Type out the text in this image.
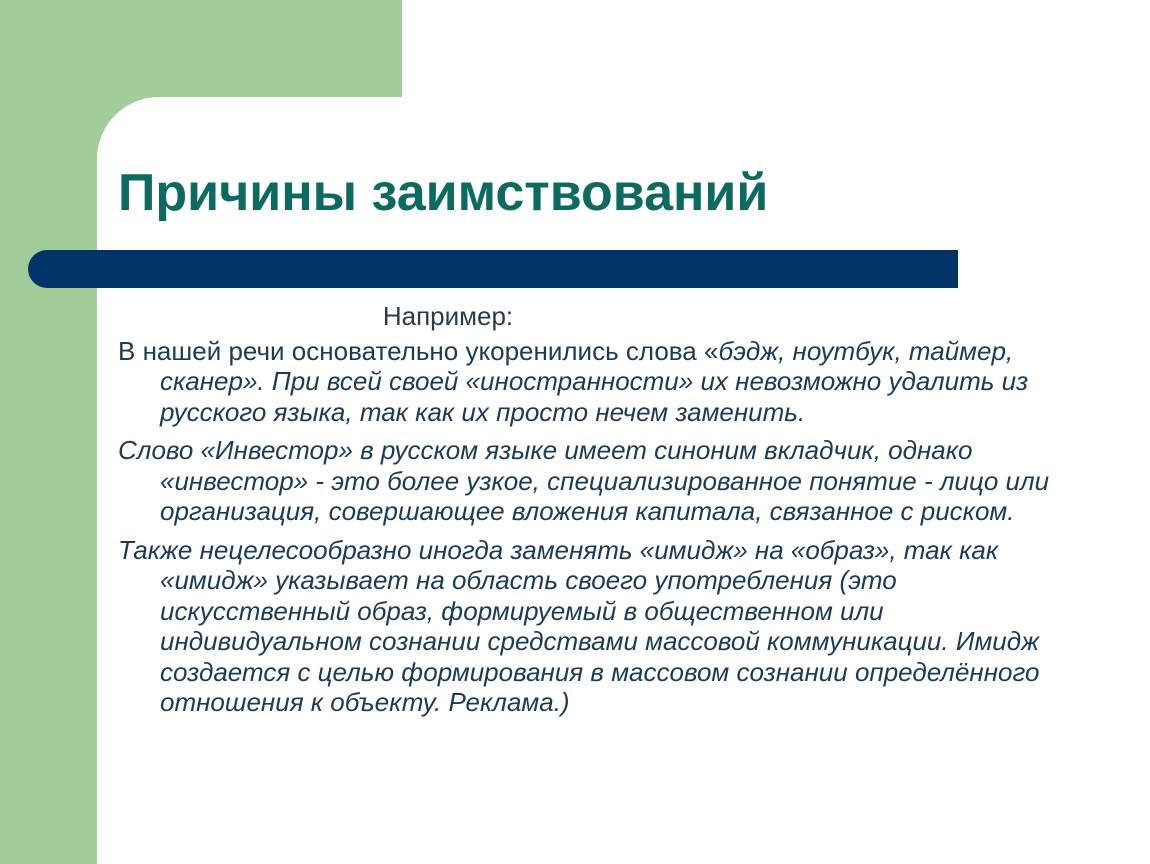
Причины заимствований

Например:

В нашей речи основательно укоренились слова «бэдж, ноутбук, таймер, сканер». При всей своей «иностранности» их невозможно удалить из русского языка, так как их просто нечем заменить.

Слово «Инвестор» в русском языке имеет синоним вкладчик, однако «инвестор» - это более узкое, специализированное понятие - лицо или организация, совершающее вложения капитала, связанное с риском.

Также нецелесообразно иногда заменять «имидж» на «образ», так как «имидж» указывает на область своего употребления (это искусственный образ, формируемый в общественном или индивидуальном сознании средствами массовой коммуникации. Имидж создается с целью формирования в массовом сознании определённого отношения к объекту. Реклама.)
